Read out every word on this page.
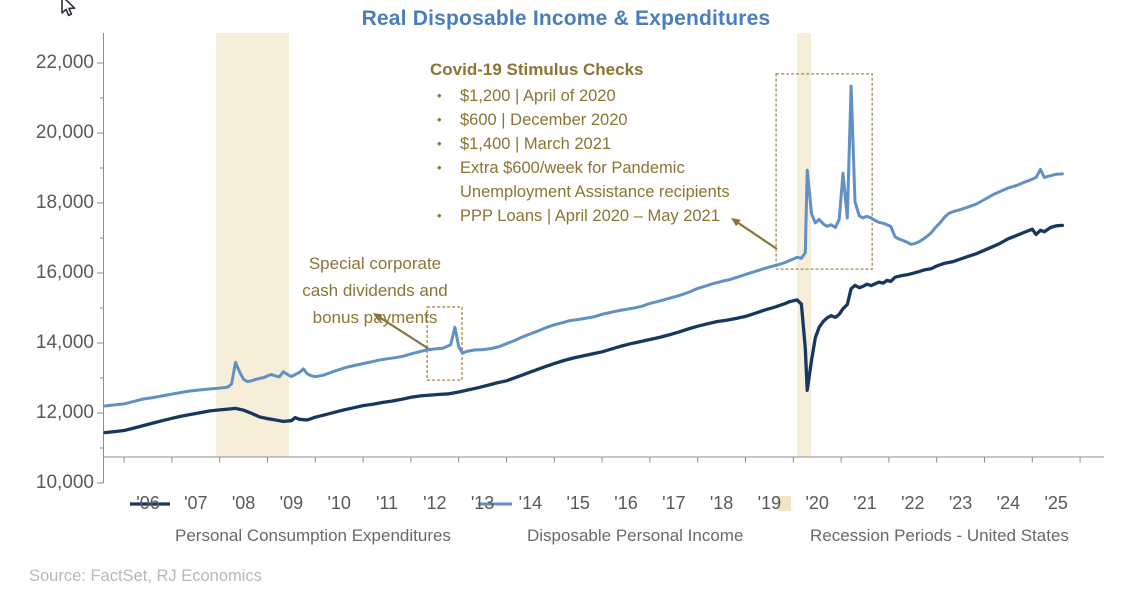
Real Disposable Income & Expenditures
Covid-19 Stimulus Checks
• $1,200 | April of 2020
• $600 | December 2020
• $1,400 | March 2021
• Extra $600/week for Pandemic Unemployment Assistance recipients
• PPP Loans | April 2020 – May 2021
Special corporate
cash dividends and
bonus payments
22,000
20,000
18,000
16,000
14,000
12,000
10,000
'06	'07	'08	'09	'10	'11	'12	'13	'14	'15	'16	'17	'18	'19	'20	'21	'22	'23	'24	'25
Personal Consumption Expenditures	Disposable Personal Income	Recession Periods - United States
Source: FactSet, RJ Economics
